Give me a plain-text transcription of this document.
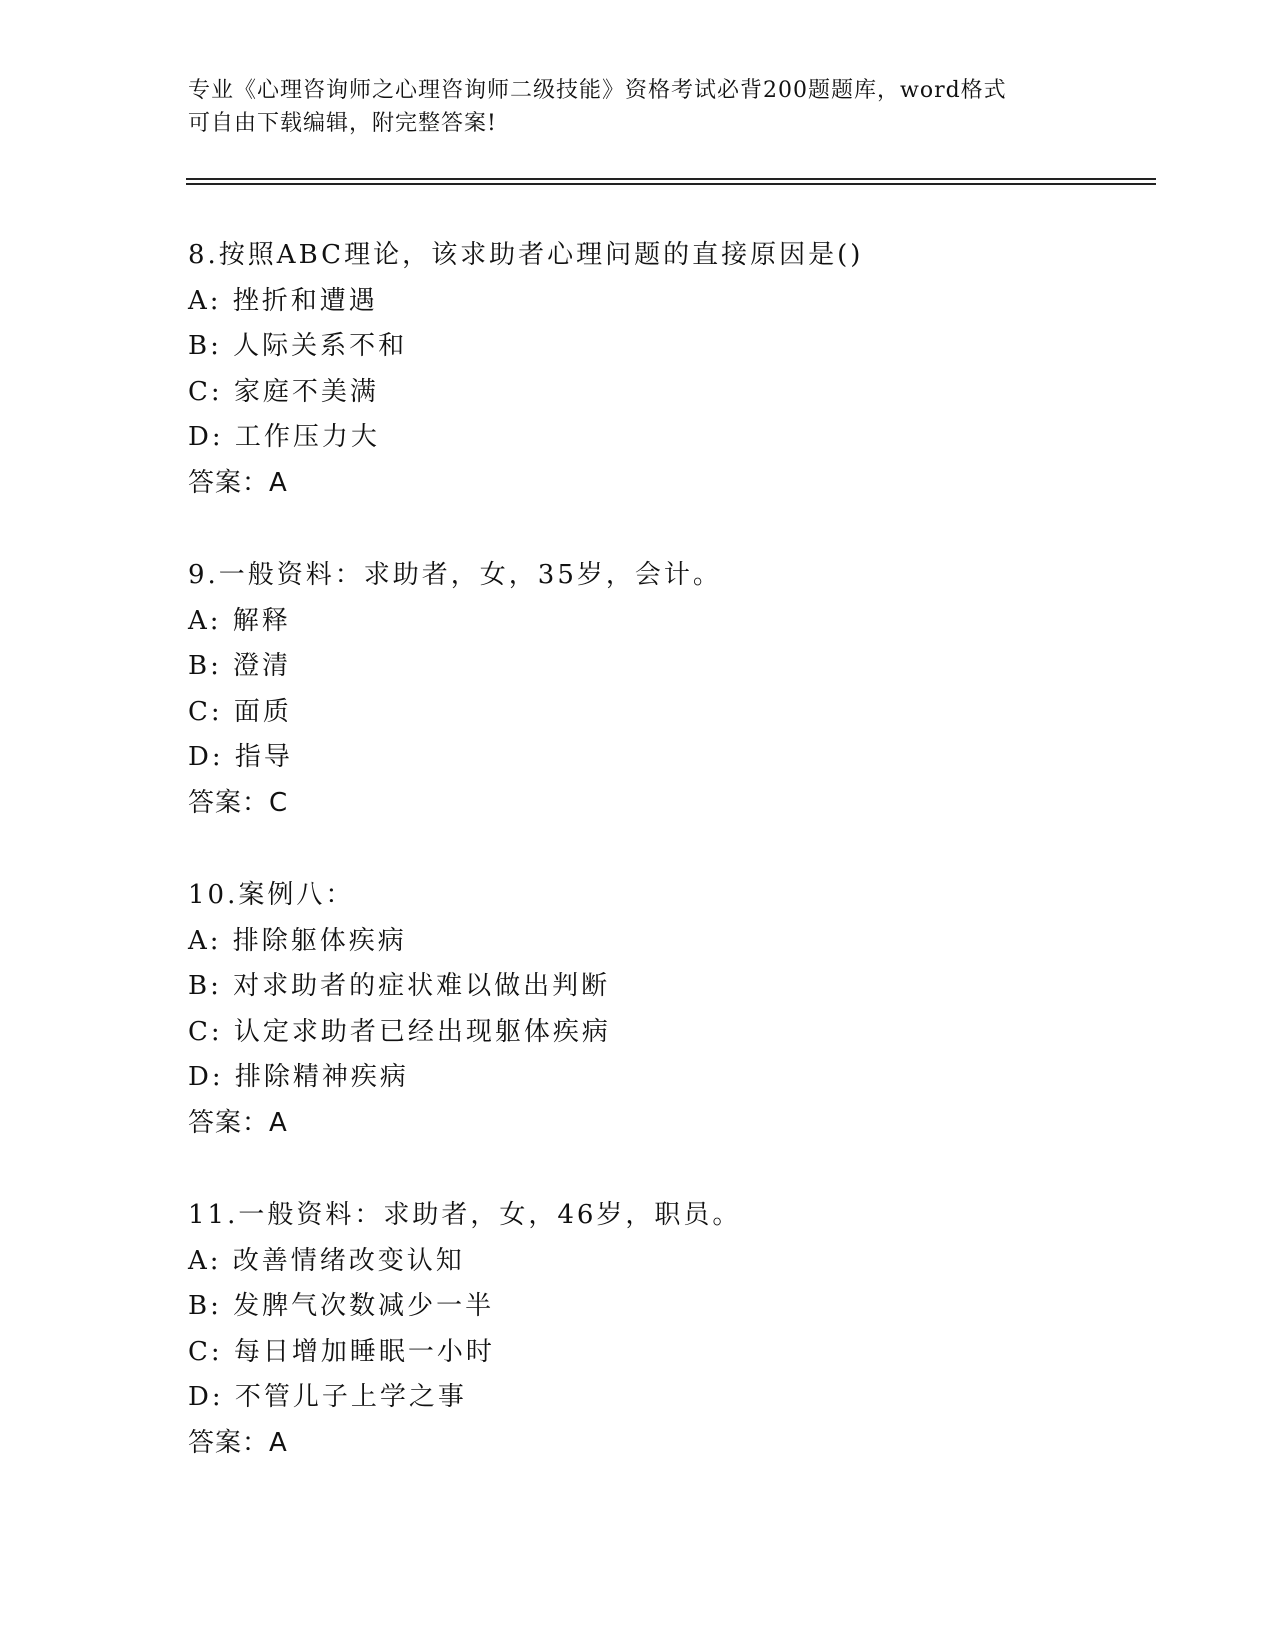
专业《心理咨询师之心理咨询师二级技能》资格考试必背200题题库，word格式
可自由下载编辑，附完整答案!
8.按照ABC理论，该求助者心理问题的直接原因是()
A: 挫折和遭遇
B: 人际关系不和
C: 家庭不美满
D: 工作压力大
答案：A
9.一般资料：求助者，女，35岁，会计。
A: 解释
B: 澄清
C: 面质
D: 指导
答案：C
10.案例八：
A: 排除躯体疾病
B: 对求助者的症状难以做出判断
C: 认定求助者已经出现躯体疾病
D: 排除精神疾病
答案：A
11.一般资料：求助者，女，46岁，职员。
A: 改善情绪改变认知
B: 发脾气次数减少一半
C: 每日增加睡眠一小时
D: 不管儿子上学之事
答案：A
